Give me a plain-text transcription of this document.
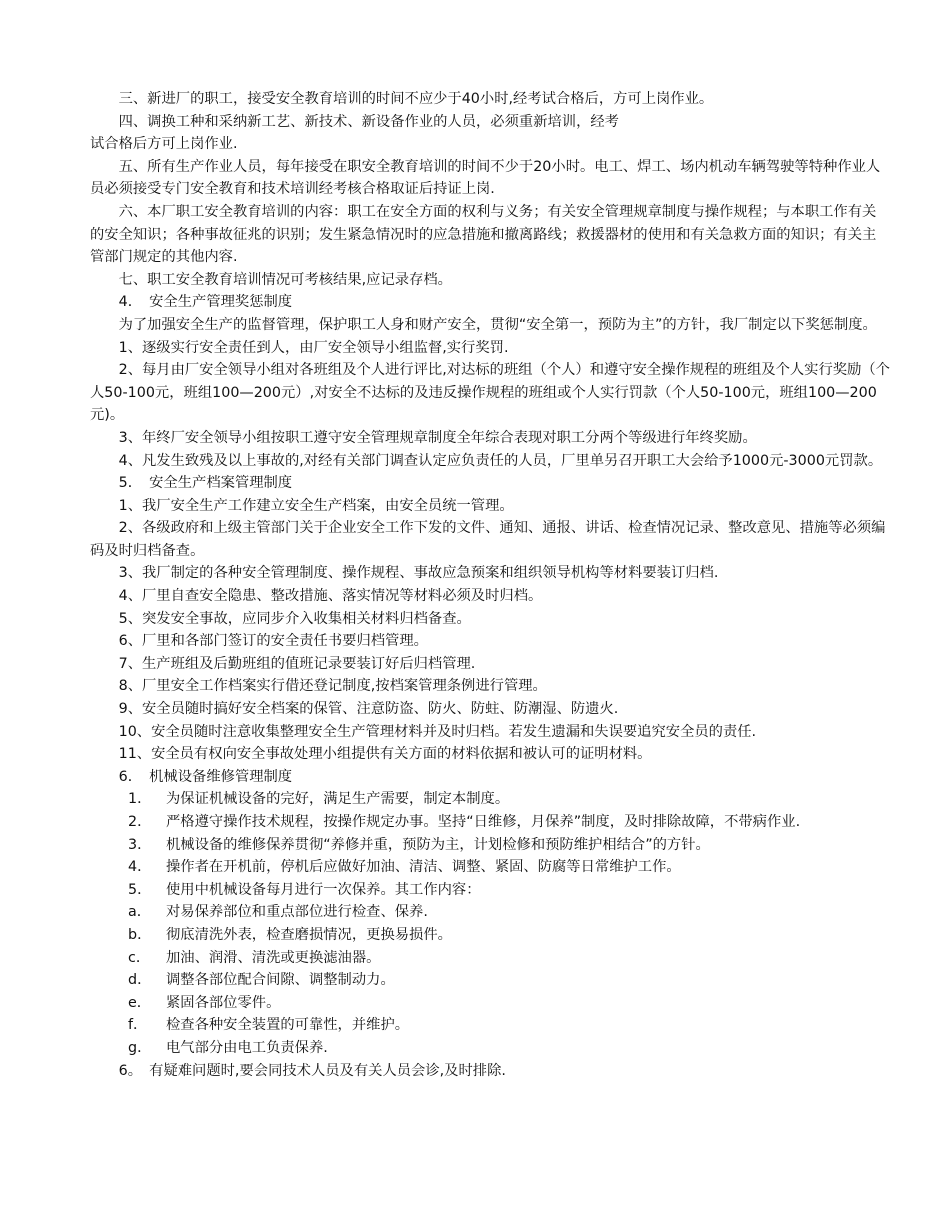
三、新进厂的职工，接受安全教育培训的时间不应少于40小时,经考试合格后，方可上岗作业。

四、调换工种和采纳新工艺、新技术、新设备作业的人员，必须重新培训，经考

试合格后方可上岗作业.

五、所有生产作业人员，每年接受在职安全教育培训的时间不少于20小时。电工、焊工、场内机动车辆驾驶等特种作业人员必须接受专门安全教育和技术培训经考核合格取证后持证上岗.

六、本厂职工安全教育培训的内容：职工在安全方面的权利与义务；有关安全管理规章制度与操作规程；与本职工作有关的安全知识；各种事故征兆的识别；发生紧急情况时的应急措施和撤离路线；救援器材的使用和有关急救方面的知识；有关主管部门规定的其他内容.

七、职工安全教育培训情况可考核结果,应记录存档。

4．　安全生产管理奖惩制度

为了加强安全生产的监督管理，保护职工人身和财产安全，贯彻“安全第一，预防为主”的方针，我厂制定以下奖惩制度。

1、逐级实行安全责任到人，由厂安全领导小组监督,实行奖罚.

2、每月由厂安全领导小组对各班组及个人进行评比,对达标的班组（个人）和遵守安全操作规程的班组及个人实行奖励（个人50-100元，班组100—200元）,对安全不达标的及违反操作规程的班组或个人实行罚款（个人50-100元，班组100—200元)。

3、年终厂安全领导小组按职工遵守安全管理规章制度全年综合表现对职工分两个等级进行年终奖励。

4、凡发生致残及以上事故的,对经有关部门调查认定应负责任的人员，厂里单另召开职工大会给予1000元-3000元罚款。

5．　安全生产档案管理制度

1、我厂安全生产工作建立安全生产档案，由安全员统一管理。

2、各级政府和上级主管部门关于企业安全工作下发的文件、通知、通报、讲话、检查情况记录、整改意见、措施等必须编码及时归档备查。

3、我厂制定的各种安全管理制度、操作规程、事故应急预案和组织领导机构等材料要装订归档.

4、厂里自查安全隐患、整改措施、落实情况等材料必须及时归档。

5、突发安全事故，应同步介入收集相关材料归档备查。

6、厂里和各部门签订的安全责任书要归档管理。

7、生产班组及后勤班组的值班记录要装订好后归档管理.

8、厂里安全工作档案实行借还登记制度,按档案管理条例进行管理。

9、安全员随时搞好安全档案的保管、注意防盗、防火、防蛀、防潮湿、防遗火.

10、安全员随时注意收集整理安全生产管理材料并及时归档。若发生遗漏和失误要追究安全员的责任.

11、安全员有权向安全事故处理小组提供有关方面的材料依据和被认可的证明材料。

6．　机械设备维修管理制度

1．	为保证机械设备的完好，满足生产需要，制定本制度。
2．	严格遵守操作技术规程，按操作规定办事。坚持“日维修，月保养”制度，及时排除故障，不带病作业.
3．	机械设备的维修保养贯彻“养修并重，预防为主，计划检修和预防维护相结合”的方针。
4．	操作者在开机前，停机后应做好加油、清洁、调整、紧固、防腐等日常维护工作。
5．	使用中机械设备每月进行一次保养。其工作内容：
a．	对易保养部位和重点部位进行检查、保养.
b．	彻底清洗外表，检查磨损情况，更换易损件。
c．	加油、润滑、清洗或更换滤油器。
d．	调整各部位配合间隙、调整制动力。
e．	紧固各部位零件。
f．	检查各种安全装置的可靠性，并维护。
g．	电气部分由电工负责保养.

6。  有疑难问题时,要会同技术人员及有关人员会诊,及时排除.
